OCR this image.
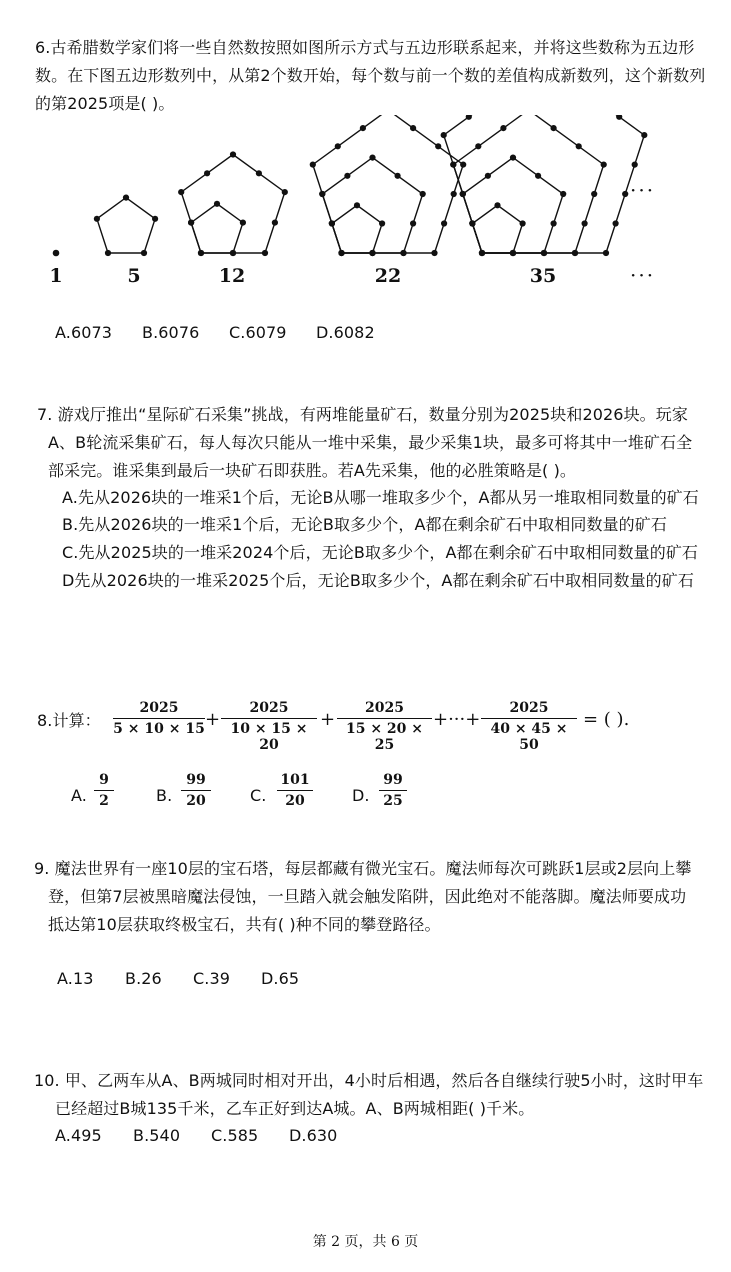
6.古希腊数学家们将一些自然数按照如图所示方式与五边形联系起来，并将这些数称为五边形
数。在下图五边形数列中，从第2个数开始，每个数与前一个数的差值构成新数列，这个新数列
的第2025项是( )。
1	5	12	22	35
···
···
A.6073 B.6076 C.6079 D.6082
7. 游戏厅推出“星际矿石采集”挑战，有两堆能量矿石，数量分别为2025块和2026块。玩家
A、B轮流采集矿石，每人每次只能从一堆中采集，最少采集1块，最多可将其中一堆矿石全
部采完。谁采集到最后一块矿石即获胜。若A先采集，他的必胜策略是( )。
A.先从2026块的一堆采1个后，无论B从哪一堆取多少个，A都从另一堆取相同数量的矿石
B.先从2026块的一堆采1个后，无论B取多少个，A都在剩余矿石中取相同数量的矿石
C.先从2025块的一堆采2024个后，无论B取多少个，A都在剩余矿石中取相同数量的矿石
D先从2026块的一堆采2025个后，无论B取多少个，A都在剩余矿石中取相同数量的矿石
8.计算： $\frac{2025}{5 \times 10 \times 15} + \frac{2025}{10 \times 15 \times 20} + \frac{2025}{15 \times 20 \times 25}$ +···+ $\frac{2025}{40 \times 45 \times 50}$ = ( ).
A. $\frac{9}{2}$	B. $\frac{99}{20} C$. $\frac{101}{20} D$. $\frac{99}{25}$
9. 魔法世界有一座10层的宝石塔，每层都藏有微光宝石。魔法师每次可跳跃1层或2层向上攀
登，但第7层被黑暗魔法侵蚀，一旦踏入就会触发陷阱，因此绝对不能落脚。魔法师要成功
抵达第10层获取终极宝石，共有( )种不同的攀登路径。
A.13 B.26 C.39 D.65
10. 甲、乙两车从A、B两城同时相对开出，4小时后相遇，然后各自继续行驶5小时，这时甲车
已经超过B城135千米，乙车正好到达A城。A、B两城相距( )千米。
A.495 B.540 C.585 D.630
第 2 页，共 6 页
